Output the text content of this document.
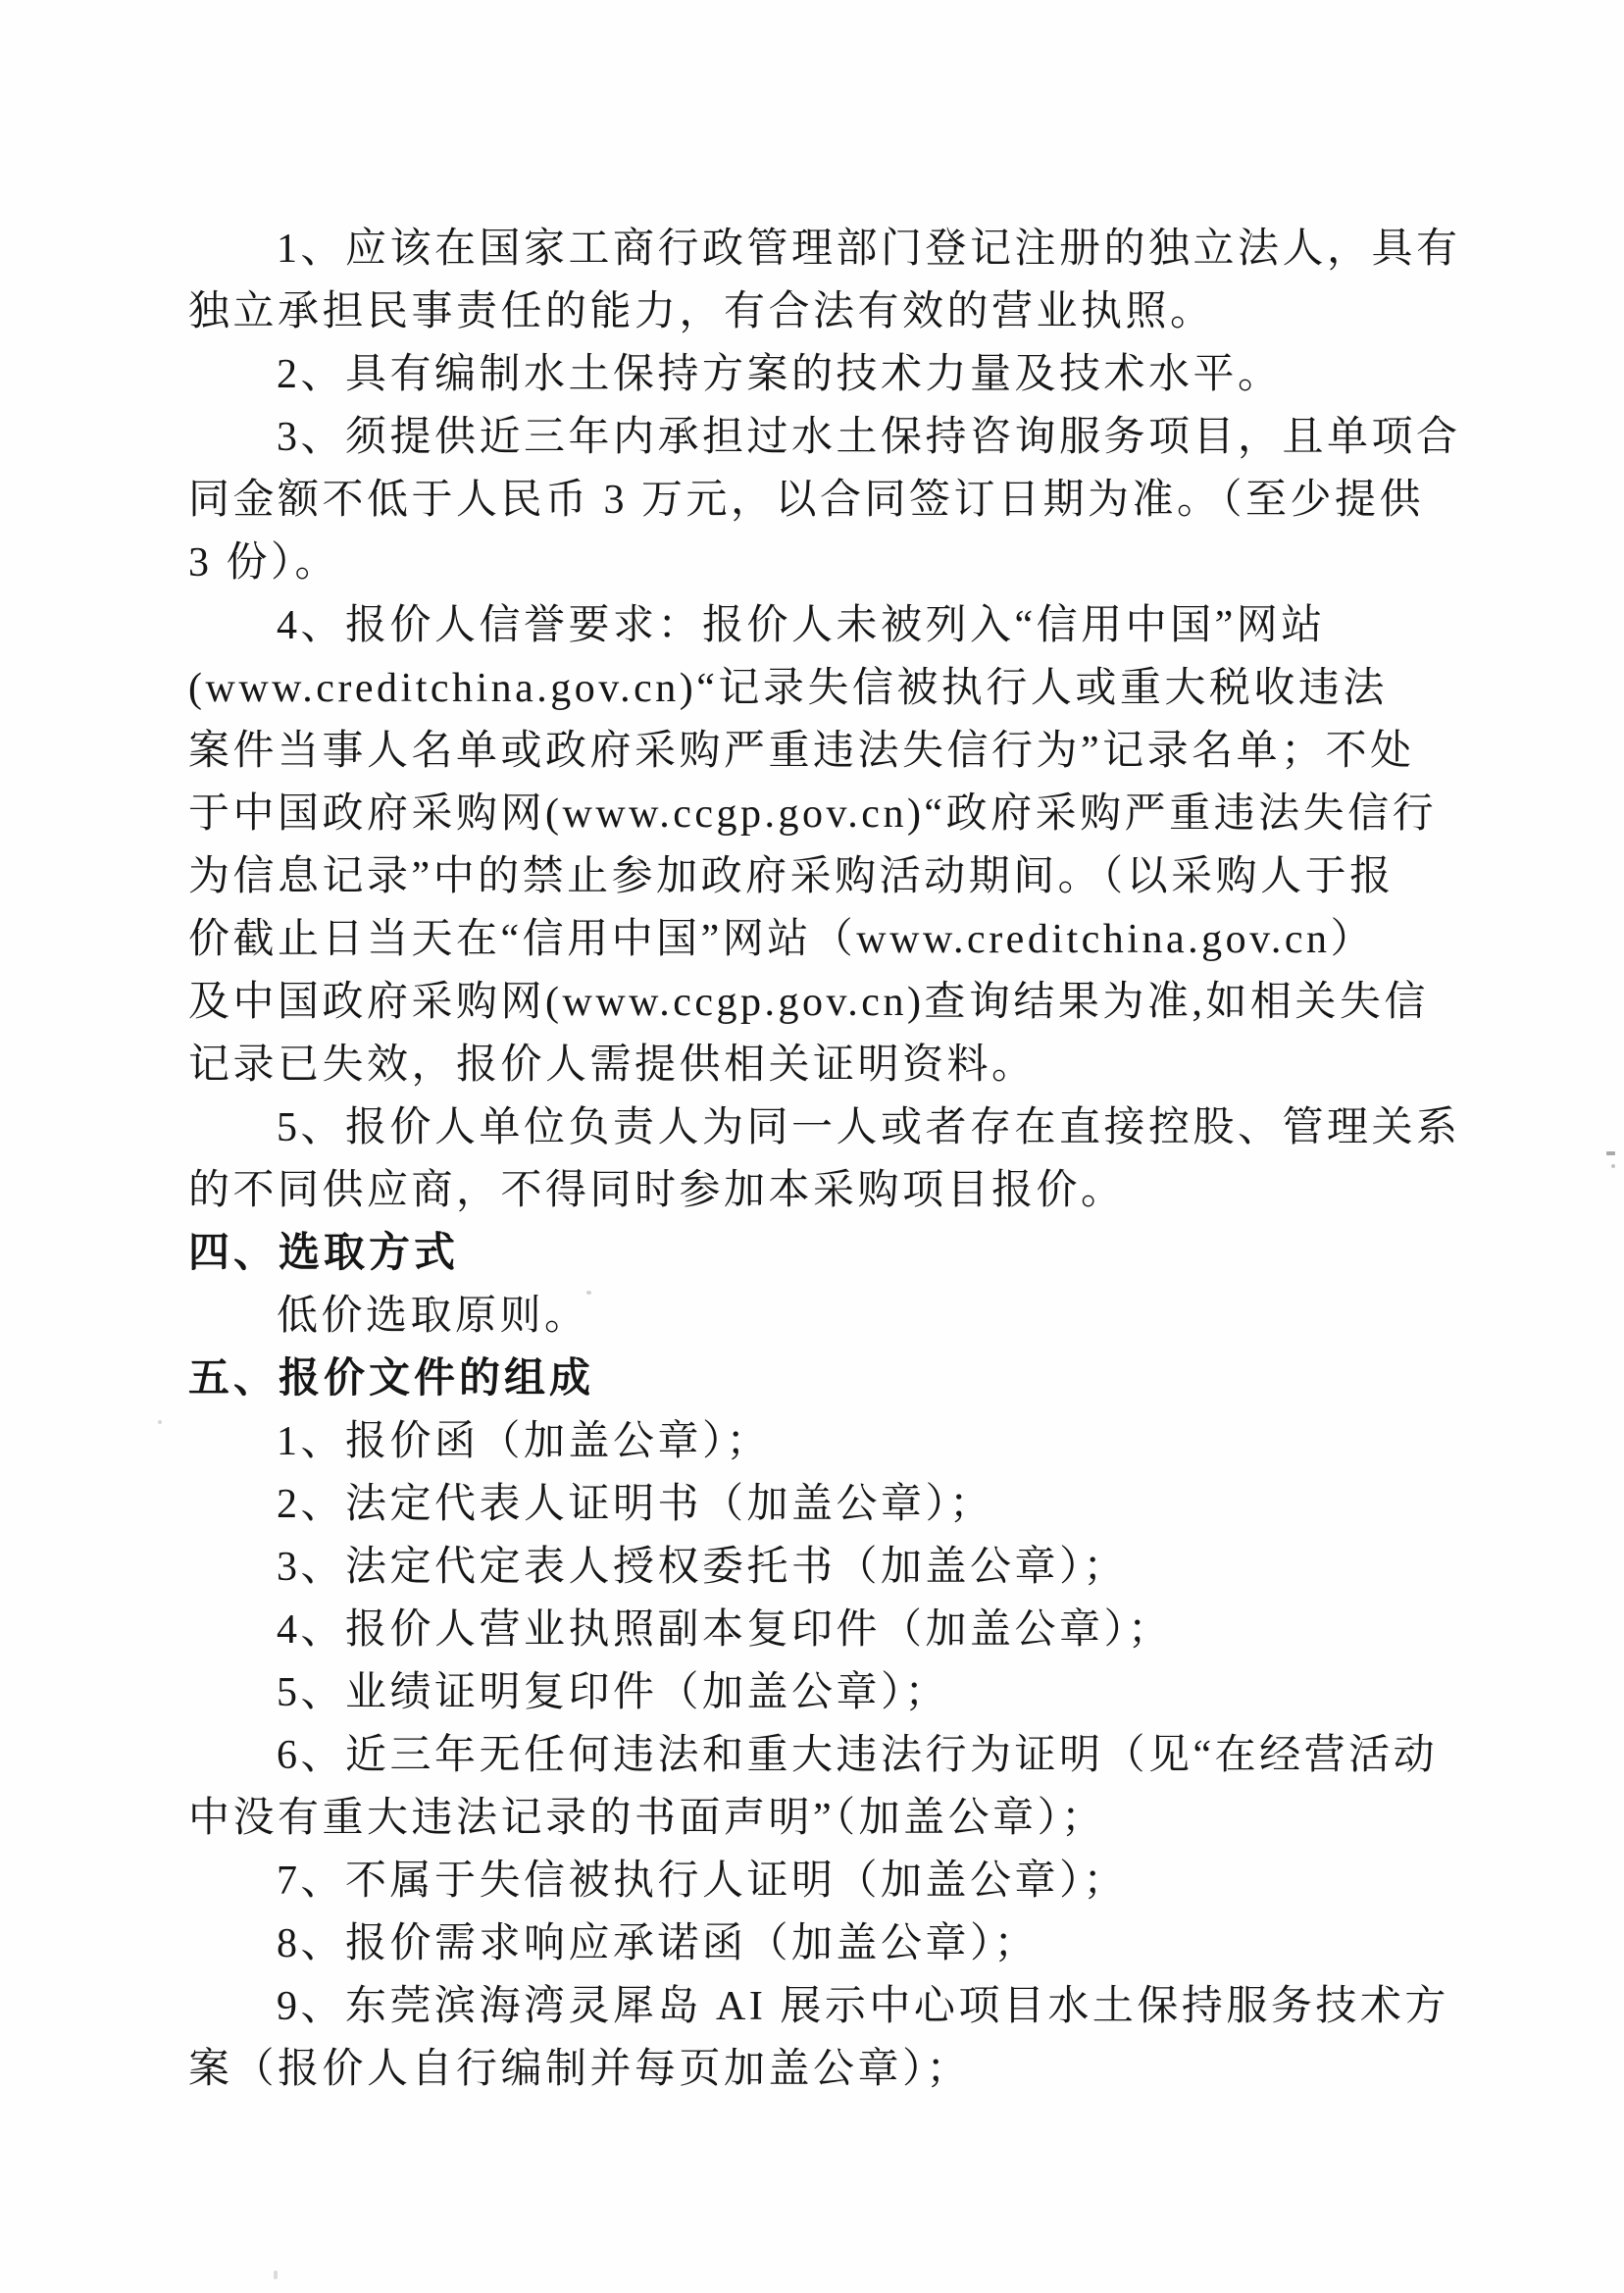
1、应该在国家工商行政管理部门登记注册的独立法人，具有
独立承担民事责任的能力，有合法有效的营业执照。
2、具有编制水土保持方案的技术力量及技术水平。
3、须提供近三年内承担过水土保持咨询服务项目，且单项合
同金额不低于人民币 3 万元，以合同签订日期为准。（至少提供
3 份）。
4、报价人信誉要求：报价人未被列入“信用中国”网站
(www.creditchina.gov.cn)“记录失信被执行人或重大税收违法
案件当事人名单或政府采购严重违法失信行为”记录名单；不处
于中国政府采购网(www.ccgp.gov.cn)“政府采购严重违法失信行
为信息记录”中的禁止参加政府采购活动期间。（以采购人于报
价截止日当天在“信用中国”网站（www.creditchina.gov.cn）
及中国政府采购网(www.ccgp.gov.cn)查询结果为准,如相关失信
记录已失效，报价人需提供相关证明资料。
5、报价人单位负责人为同一人或者存在直接控股、管理关系
的不同供应商，不得同时参加本采购项目报价。
四、选取方式
低价选取原则。
五、报价文件的组成
1、报价函（加盖公章）；
2、法定代表人证明书（加盖公章）；
3、法定代定表人授权委托书（加盖公章）；
4、报价人营业执照副本复印件（加盖公章）；
5、业绩证明复印件（加盖公章）；
6、近三年无任何违法和重大违法行为证明（见“在经营活动
中没有重大违法记录的书面声明”（加盖公章）；
7、不属于失信被执行人证明（加盖公章）；
8、报价需求响应承诺函（加盖公章）；
9、东莞滨海湾灵犀岛 AI 展示中心项目水土保持服务技术方
案（报价人自行编制并每页加盖公章）；
